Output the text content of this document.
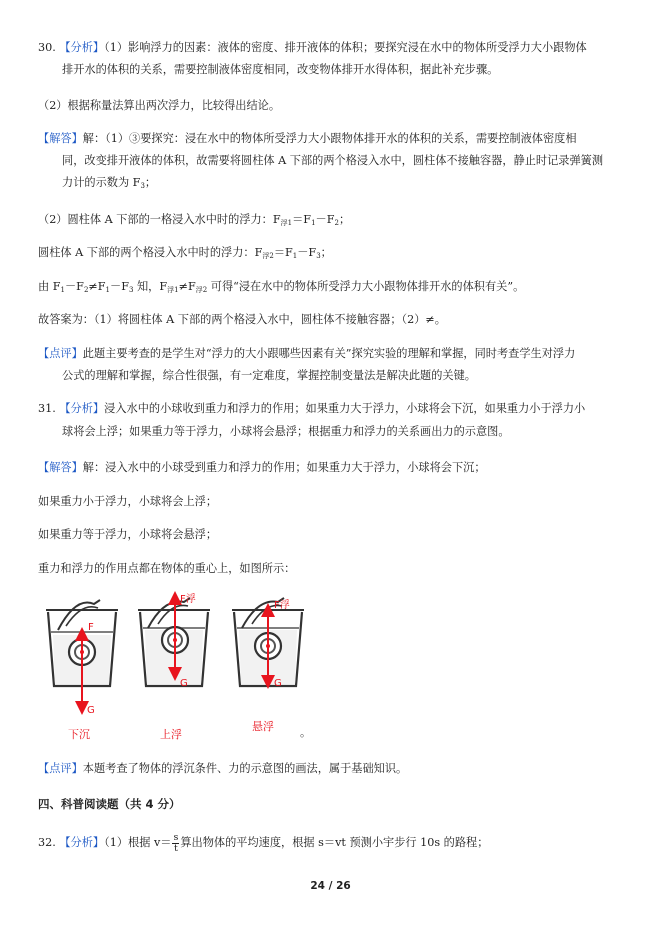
30. 【分析】（1）影响浮力的因素：液体的密度、排开液体的体积；要探究浸在水中的物体所受浮力大小跟物体
排开水的体积的关系，需要控制液体密度相同，改变物体排开水得体积，据此补充步骤。
（2）根据称量法算出两次浮力，比较得出结论。
【解答】解：（1）③要探究：浸在水中的物体所受浮力大小跟物体排开水的体积的关系，需要控制液体密度相
同，改变排开液体的体积，故需要将圆柱体 A 下部的两个格浸入水中，圆柱体不接触容器，静止时记录弹簧测
力计的示数为 F3；
（2）圆柱体 A 下部的一格浸入水中时的浮力：F浮1＝F1－F2；
圆柱体 A 下部的两个格浸入水中时的浮力：F浮2＝F1－F3；
由 F1－F2≠F1－F3 知，F浮1≠F浮2 可得“浸在水中的物体所受浮力大小跟物体排开水的体积有关”。
故答案为：（1）将圆柱体 A 下部的两个格浸入水中，圆柱体不接触容器；（2）≠。
【点评】此题主要考查的是学生对“浮力的大小跟哪些因素有关”探究实验的理解和掌握，同时考查学生对浮力
公式的理解和掌握，综合性很强，有一定难度，掌握控制变量法是解决此题的关键。
31. 【分析】浸入水中的小球收到重力和浮力的作用；如果重力大于浮力，小球将会下沉，如果重力小于浮力小
球将会上浮；如果重力等于浮力，小球将会悬浮；根据重力和浮力的关系画出力的示意图。
【解答】解：浸入水中的小球受到重力和浮力的作用；如果重力大于浮力，小球将会下沉；
如果重力小于浮力，小球将会上浮；
如果重力等于浮力，小球将会悬浮；
重力和浮力的作用点都在物体的重心上，如图所示：
F
G
下沉
F浮
G
上浮
F浮
G
悬浮 。
【点评】本题考查了物体的浮沉条件、力的示意图的画法，属于基础知识。
四、科普阅读题（共 4 分）
32. 【分析】（1）根据 $v= \frac{s}{t}$ 算出物体的平均速度，根据 s＝vt 预测小宇步行 10s 的路程；
24 / 26
